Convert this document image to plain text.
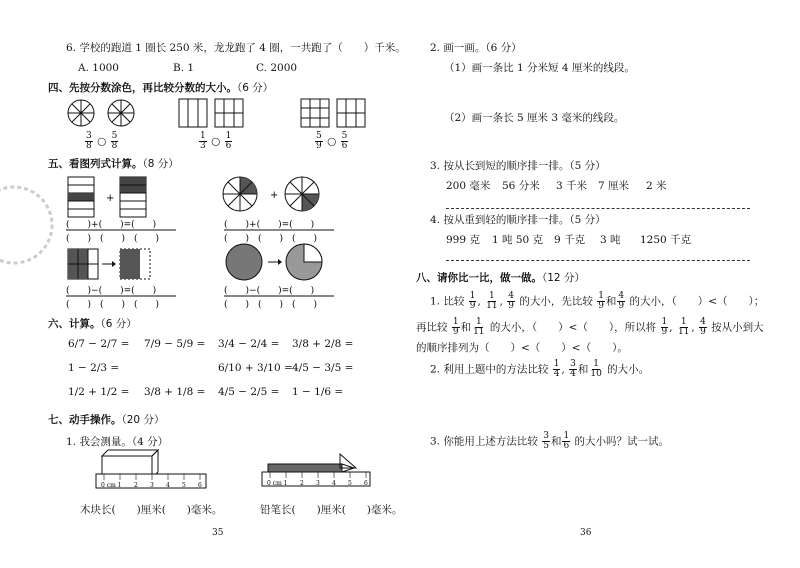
6. 学校的跑道 1 圈长 250 米，龙龙跑了 4 圈，一共跑了（　　）千米。
A. 1000	B. 1	C. 2000
四、先按分数涂色，再比较分数的大小。（6 分）
$\frac{3}{8}$ ○ $\frac{5}{8}$	$\frac{1}{3}$ ○ $\frac{1}{6}$	$\frac{5}{9}$ ○ $\frac{5}{6}$
五、看图列式计算。（8 分）
+	+
(　　)+(　　)=(　　)
(　　)　(　　)　(　　)
(　　)+(　　)=(　　)
(　　)　(　　)　(　　)
(　　)−(　　)=(　　)
(　　)　(　　)　(　　)
(　　)−(　　)=(　　)
(　　)　(　　)　(　　)
六、计算。（6 分）
6/7 − 2/7 = 7/9 − 5/9 = 3/4 − 2/4 = 3/8 + 2/8 =
1 − 2/3 =	6/10 + 3/10 = 4/5 − 3/5 =
1/2 + 1/2 = 3/8 + 1/8 = 4/5 − 2/5 = 1 − 1/6 =
七、动手操作。（20 分）
1. 我会测量。（4 分）
0 cm 1 2 3 4 5 6	0 cm 1 2 3 4 5 6
木块长(　　)厘米(　　)毫米。	铅笔长(　　)厘米(　　)毫米。
35
2. 画一画。（6 分）
（1）画一条比 1 分米短 4 厘米的线段。
（2）画一条长 5 厘米 3 毫米的线段。
3. 按从长到短的顺序排一排。（5 分）
200 毫米 56 分米 3 千米 7 厘米 2 米
4. 按从重到轻的顺序排一排。（5 分）
999 克 1 吨 50 克 9 千克 3 吨 1250 千克
八、请你比一比，做一做。（12 分）
1. 比较 $\frac{1}{9}$ , $\frac{1}{11}$ , $\frac{4}{9}$ 的大小，先比较 $\frac{1}{9}$ 和 $\frac{4}{9}$ 的大小，（　　）<（　　）；
再比较 $\frac{1}{9}$ 和 $\frac{1}{11}$ 的大小，（　　）<（　　），所以将 $\frac{1}{9}$ , $\frac{1}{11}$ , $\frac{4}{9}$ 按从小到大
的顺序排列为（　　）<（　　）<（　　）。
2. 利用上题中的方法比较 $\frac{1}{4}$ , $\frac{3}{4}$ 和 $\frac{1}{10}$ 的大小。
3. 你能用上述方法比较 $\frac{3}{5}$ 和 $\frac{1}{6}$ 的大小吗？试一试。
36
